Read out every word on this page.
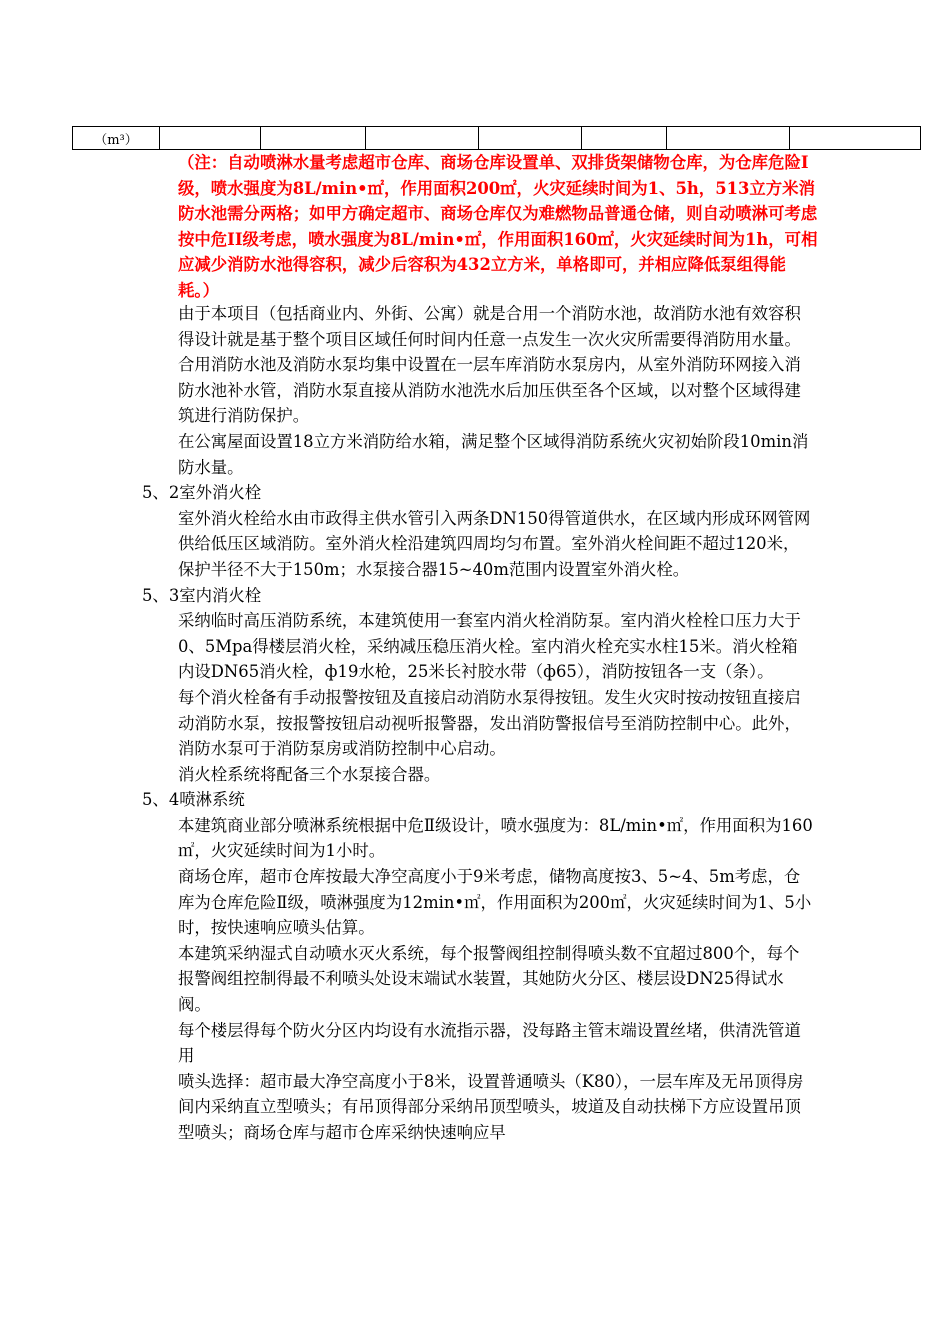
（m³）							
（注：自动喷淋水量考虑超市仓库、商场仓库设置单、双排货架储物仓库，为仓库危险Ⅰ级，喷水强度为8L/min•㎡，作用面积200㎡，火灾延续时间为1、5h，513立方米消防水池需分两格；如甲方确定超市、商场仓库仅为难燃物品普通仓储，则自动喷淋可考虑按中危II级考虑，喷水强度为8L/min•㎡，作用面积160㎡，火灾延续时间为1h，可相应减少消防水池得容积，减少后容积为432立方米，单格即可，并相应降低泵组得能耗。）
由于本项目（包括商业内、外街、公寓）就是合用一个消防水池，故消防水池有效容积得设计就是基于整个项目区域任何时间内任意一点发生一次火灾所需要得消防用水量。
合用消防水池及消防水泵均集中设置在一层车库消防水泵房内，从室外消防环网接入消防水池补水管，消防水泵直接从消防水池洗水后加压供至各个区域，以对整个区域得建筑进行消防保护。
在公寓屋面设置18立方米消防给水箱，满足整个区域得消防系统火灾初始阶段10min消防水量。
5、2室外消火栓
室外消火栓给水由市政得主供水管引入两条DN150得管道供水，在区域内形成环网管网供给低压区域消防。室外消火栓沿建筑四周均匀布置。室外消火栓间距不超过120米，保护半径不大于150m；水泵接合器15~40m范围内设置室外消火栓。
5、3室内消火栓
采纳临时高压消防系统，本建筑使用一套室内消火栓消防泵。室内消火栓栓口压力大于0、5Mpa得楼层消火栓，采纳减压稳压消火栓。室内消火栓充实水柱15米。消火栓箱内设DN65消火栓，ф19水枪，25米长衬胶水带（ф65），消防按钮各一支（条）。
每个消火栓备有手动报警按钮及直接启动消防水泵得按钮。发生火灾时按动按钮直接启动消防水泵，按报警按钮启动视听报警器，发出消防警报信号至消防控制中心。此外，消防水泵可于消防泵房或消防控制中心启动。
消火栓系统将配备三个水泵接合器。
5、4喷淋系统
本建筑商业部分喷淋系统根据中危Ⅱ级设计，喷水强度为：8L/min•㎡，作用面积为160㎡，火灾延续时间为1小时。
商场仓库，超市仓库按最大净空高度小于9米考虑，储物高度按3、5~4、5m考虑，仓库为仓库危险Ⅱ级，喷淋强度为12min•㎡，作用面积为200㎡，火灾延续时间为1、5小时，按快速响应喷头估算。
本建筑采纳湿式自动喷水灭火系统，每个报警阀组控制得喷头数不宜超过800个，每个报警阀组控制得最不利喷头处设末端试水装置，其她防火分区、楼层设DN25得试水阀。
每个楼层得每个防火分区内均设有水流指示器，没每路主管末端设置丝堵，供清洗管道用
喷头选择：超市最大净空高度小于8米，设置普通喷头（K80），一层车库及无吊顶得房间内采纳直立型喷头；有吊顶得部分采纳吊顶型喷头，坡道及自动扶梯下方应设置吊顶型喷头；商场仓库与超市仓库采纳快速响应早
